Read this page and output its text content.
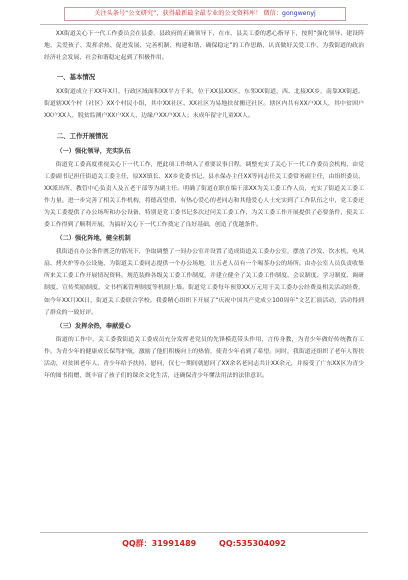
关注头条号“公文研究”，获得最新最全最专业的公文资料库！ 微信：gongwenyj

XX街道关心下一代工作委员会在县委、县政府的正确领导下，在市、县关工委的悉心指导下，按照“强化领导、建设阵地、关爱孩子、发挥余热、促进发展、完善机制、构建和谐、确保稳定”的工作思路，认真做好关爱工作，为我街道的政治经济社会发展、社会和谐稳定起到了积极作用。

一、基本情况

XX街道成立于XX年X月，行政区域面积XX平方千米，位于XX县XX区，东邻XX街道，西、北接XX乡，南靠XX街道。街道辖XX个村（社区）XX个村民小组，其中XX社区、XX社区为易地扶贫搬迁社区。辖区内共有XX户XX人，其中贫困户XX户XX人，脱贫监测户XX户XX人，边缘户XX户XX人；未成年留守儿童XX人。

二、工作开展情况
（一）强化领导，充实队伍

街道党工委高度重视关心下一代工作，把此项工作纳入了重要议事日程。调整充实了关心下一代工作委员会机构，由党工委副书记担任街道关工委主任，原XX镇长、XX乡党委书记、县水保办主任XX等同志任关工委常务副主任，由组织委员、XX派出所、教管中心负责人及五老干部等为副主任。明确了街道在职在编干部XX为关工委工作人员，充实了街道关工委工作力量。进一步完善了相关工作机构，将德高望重、有热心爱心的老同志和其他爱心人士充实到了工作队伍之中，党工委还为关工委提供了办公场所和办公设备，特别是党工委书记多次过问关工委工作，为关工委工作开展提供了必要条件，使关工委工作得到了顺利开展，为搞好关心下一代工作奠定了良好基础，创造了优越条件。

（二）强化阵地，健全机制

我街道在办公条件匮乏的情况下，争取调整了一间办公室并设置了造成街道关工委办公室，摆放了沙发、饮水机、电风扇、烤火炉等办公设施，为街道关工委同志提供一个办公场地，让五老人员有一个喝茶办公的场所。由办公室人员负责收集所来关工委工作开展情况资料。规范装修各级关工委工作制度，并建立健全了关工委工作制度、会议制度、学习制度、调研制度、宣传奖励制度、文书档案管理制度等机制上墙。街道党工委每年预算XX万元用于关工委办公经费及相关活动经费，如今年XX月XX日，街道关工委联合学校。我委精心组织下开展了“庆祝中国共产党成立100周年”文艺汇演活动，活动得到了群众的一致好评。

（三）发挥余热，奉献爱心

街道的工作中，关工委我街道关工委成员充分发挥老党员的先锋模范带头作用，言传身教，为青少年做好传统教育工作。为青少年的健康成长保驾护航，激励了他们积极向上的热情，使青少年看到了希望。同时，我街道还组织了老年人帮扶活动，对贫困老年人、青少年给予扶持，慰问，仅七一期间就慰问了XX余名老同志共计XX余元，并接受了广东XX区为青少年的图书捐赠，既丰富了孩子们的课余文化生活，还确保青少年懂法用法的法律意识。

QQ群：31991489	QQ:535304092
